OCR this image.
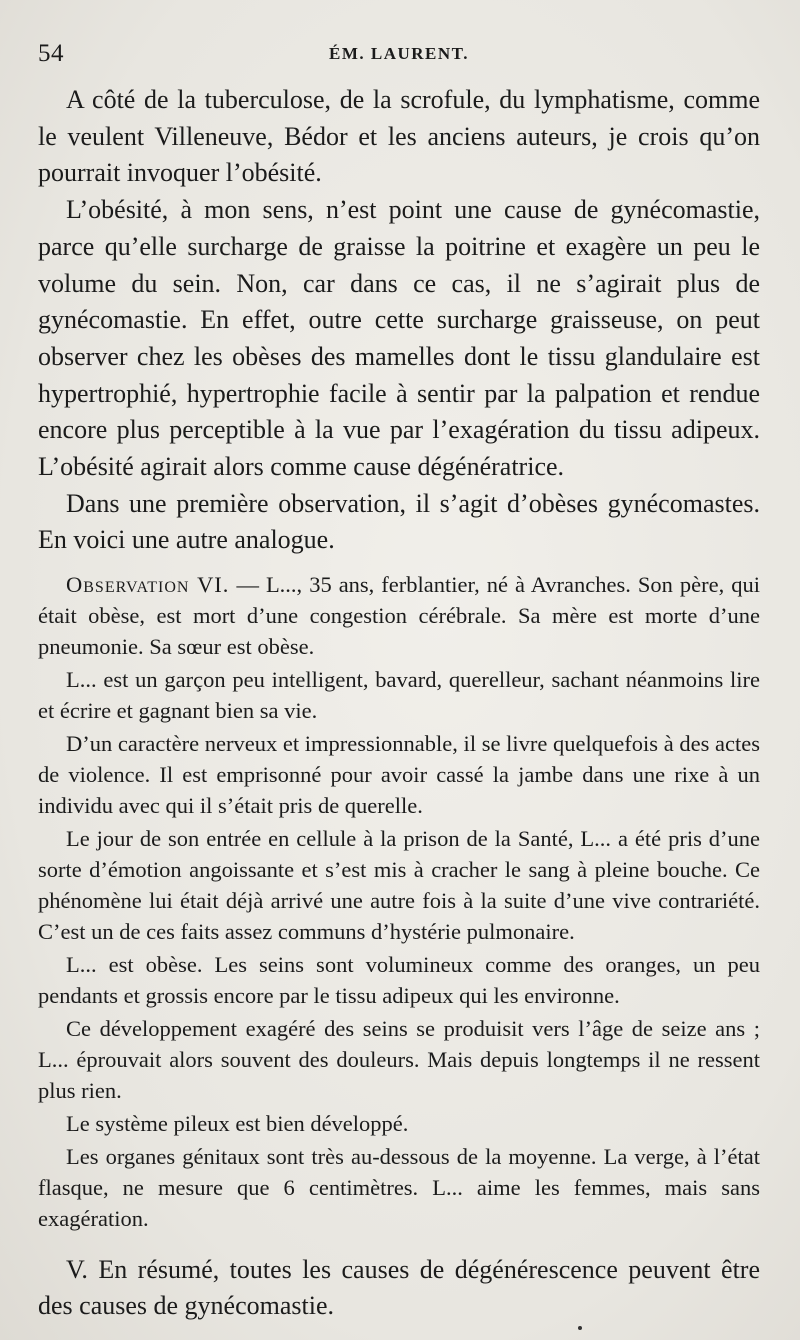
54	ÉM. LAURENT.

A côté de la tuberculose, de la scrofule, du lymphatisme, comme le veulent Villeneuve, Bédor et les anciens auteurs, je crois qu’on pourrait invoquer l’obésité.

L’obésité, à mon sens, n’est point une cause de gynécomastie, parce qu’elle surcharge de graisse la poitrine et exagère un peu le volume du sein. Non, car dans ce cas, il ne s’agirait plus de gynécomastie. En effet, outre cette surcharge graisseuse, on peut observer chez les obèses des mamelles dont le tissu glandulaire est hypertrophié, hypertrophie facile à sentir par la palpation et rendue encore plus perceptible à la vue par l’exagération du tissu adipeux. L’obésité agirait alors comme cause dégénératrice.

Dans une première observation, il s’agit d’obèses gynécomastes. En voici une autre analogue.

Observation VI. — L..., 35 ans, ferblantier, né à Avranches. Son père, qui était obèse, est mort d’une congestion cérébrale. Sa mère est morte d’une pneumonie. Sa sœur est obèse.

L... est un garçon peu intelligent, bavard, querelleur, sachant néanmoins lire et écrire et gagnant bien sa vie.

D’un caractère nerveux et impressionnable, il se livre quelquefois à des actes de violence. Il est emprisonné pour avoir cassé la jambe dans une rixe à un individu avec qui il s’était pris de querelle.

Le jour de son entrée en cellule à la prison de la Santé, L... a été pris d’une sorte d’émotion angoissante et s’est mis à cracher le sang à pleine bouche. Ce phénomène lui était déjà arrivé une autre fois à la suite d’une vive contrariété. C’est un de ces faits assez communs d’hystérie pulmonaire.

L... est obèse. Les seins sont volumineux comme des oranges, un peu pendants et grossis encore par le tissu adipeux qui les environne.

Ce développement exagéré des seins se produisit vers l’âge de seize ans ; L... éprouvait alors souvent des douleurs. Mais depuis longtemps il ne ressent plus rien.

Le système pileux est bien développé.

Les organes génitaux sont très au-dessous de la moyenne. La verge, à l’état flasque, ne mesure que 6 centimètres. L... aime les femmes, mais sans exagération.

V. En résumé, toutes les causes de dégénérescence peuvent être des causes de gynécomastie.
